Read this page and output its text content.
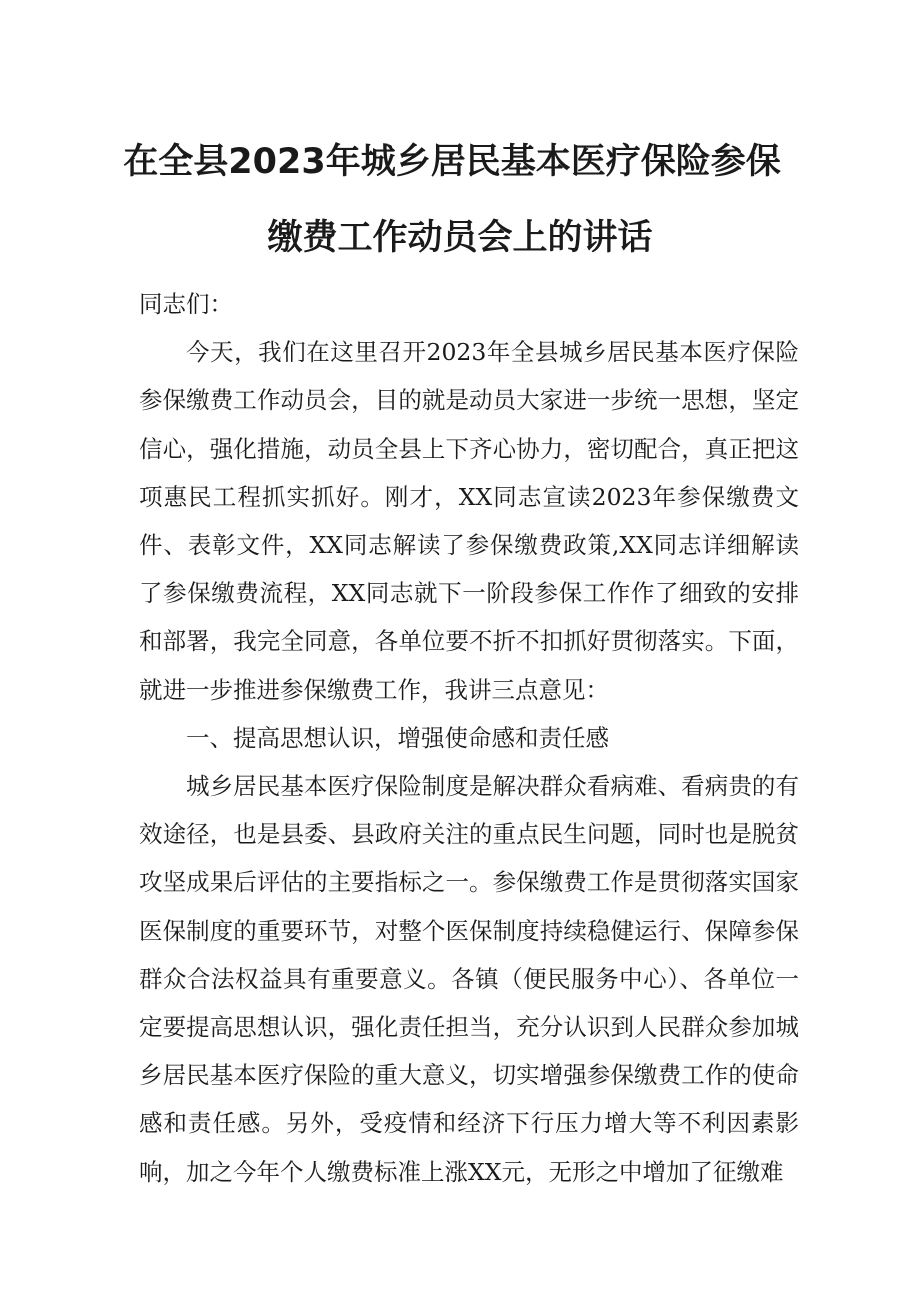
在全县2023年城乡居民基本医疗保险参保
缴费工作动员会上的讲话

同志们：

今天，我们在这里召开2023年全县城乡居民基本医疗保险参保缴费工作动员会，目的就是动员大家进一步统一思想，坚定信心，强化措施，动员全县上下齐心协力，密切配合，真正把这项惠民工程抓实抓好。刚才，XX同志宣读2023年参保缴费文件、表彰文件，XX同志解读了参保缴费政策,XX同志详细解读了参保缴费流程，XX同志就下一阶段参保工作作了细致的安排和部署，我完全同意，各单位要不折不扣抓好贯彻落实。下面，就进一步推进参保缴费工作，我讲三点意见：

一、提高思想认识，增强使命感和责任感

城乡居民基本医疗保险制度是解决群众看病难、看病贵的有效途径，也是县委、县政府关注的重点民生问题，同时也是脱贫攻坚成果后评估的主要指标之一。参保缴费工作是贯彻落实国家医保制度的重要环节，对整个医保制度持续稳健运行、保障参保群众合法权益具有重要意义。各镇（便民服务中心）、各单位一定要提高思想认识，强化责任担当，充分认识到人民群众参加城乡居民基本医疗保险的重大意义，切实增强参保缴费工作的使命感和责任感。另外，受疫情和经济下行压力增大等不利因素影响，加之今年个人缴费标准上涨XX元，无形之中增加了征缴难
